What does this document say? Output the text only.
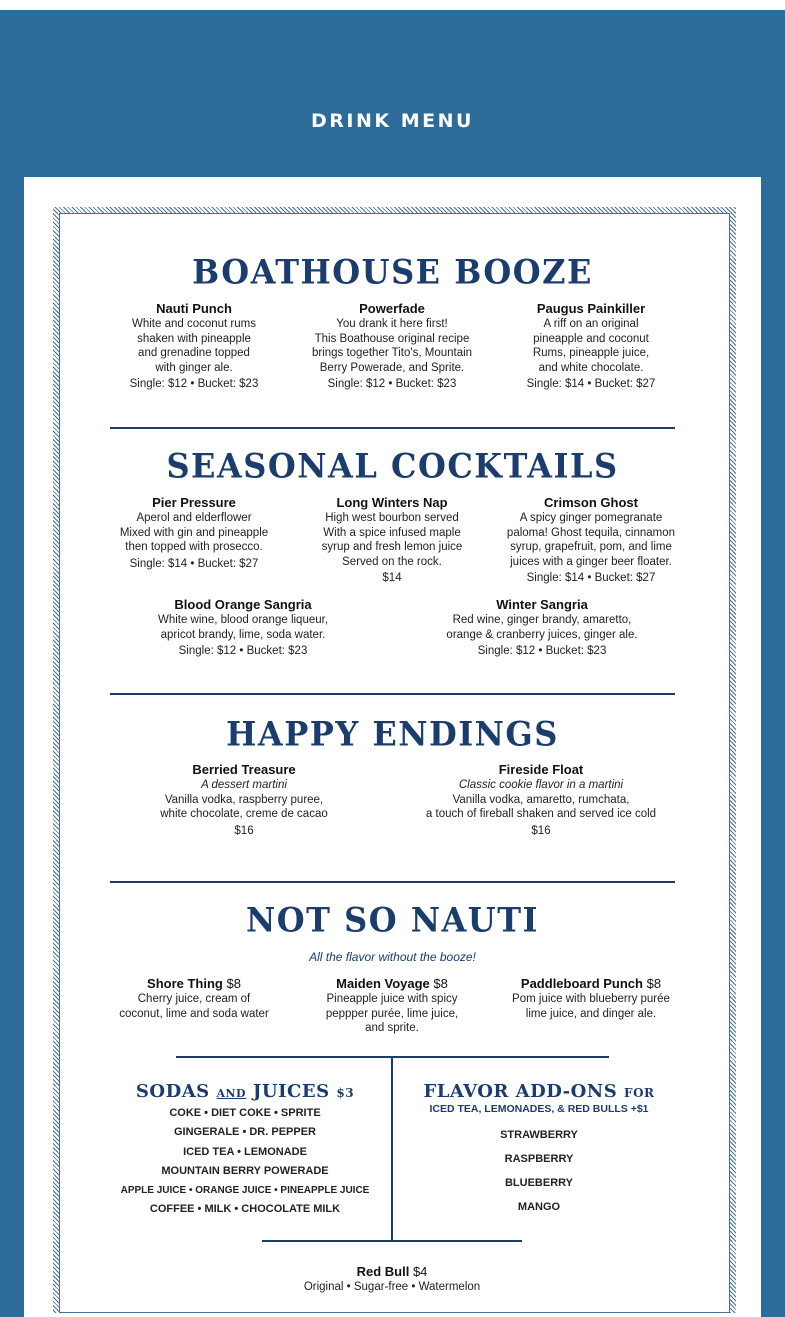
DRINK MENU
BOATHOUSE BOOZE
Nauti Punch
White and coconut rums
shaken with pineapple
and grenadine topped
with ginger ale.
Single: $12 • Bucket: $23
Powerfade
You drank it here first!
This Boathouse original recipe
brings together Tito's, Mountain
Berry Powerade, and Sprite.
Single: $12 • Bucket: $23
Paugus Painkiller
A riff on an original
pineapple and coconut
Rums, pineapple juice,
and white chocolate.
Single: $14 • Bucket: $27
SEASONAL COCKTAILS
Pier Pressure
Aperol and elderflower
Mixed with gin and pineapple
then topped with prosecco.
Single: $14 • Bucket: $27
Long Winters Nap
High west bourbon served
With a spice infused maple
syrup and fresh lemon juice
Served on the rock.
$14
Crimson Ghost
A spicy ginger pomegranate
paloma! Ghost tequila, cinnamon
syrup, grapefruit, pom, and lime
juices with a ginger beer floater.
Single: $14 • Bucket: $27
Blood Orange Sangria
White wine, blood orange liqueur,
apricot brandy, lime, soda water.
Single: $12 • Bucket: $23
Winter Sangria
Red wine, ginger brandy, amaretto,
orange & cranberry juices, ginger ale.
Single: $12 • Bucket: $23
HAPPY ENDINGS
Berried Treasure
A dessert martini
Vanilla vodka, raspberry puree,
white chocolate, creme de cacao
$16
Fireside Float
Classic cookie flavor in a martini
Vanilla vodka, amaretto, rumchata,
a touch of fireball shaken and served ice cold
$16
NOT SO NAUTI
All the flavor without the booze!
Shore Thing $8
Cherry juice, cream of
coconut, lime and soda water
Maiden Voyage $8
Pineapple juice with spicy
peppper purée, lime juice,
and sprite.
Paddleboard Punch $8
Pom juice with blueberry purée
lime juice, and dinger ale.
SODAS AND JUICES $3
COKE • DIET COKE • SPRITE
GINGERALE • DR. PEPPER
ICED TEA • LEMONADE
MOUNTAIN BERRY POWERADE
APPLE JUICE • ORANGE JUICE • PINEAPPLE JUICE
COFFEE • MILK • CHOCOLATE MILK
FLAVOR ADD-ONS FOR
ICED TEA, LEMONADES, & RED BULLS +$1
STRAWBERRY
RASPBERRY
BLUEBERRY
MANGO
Red Bull $4
Original • Sugar-free • Watermelon
